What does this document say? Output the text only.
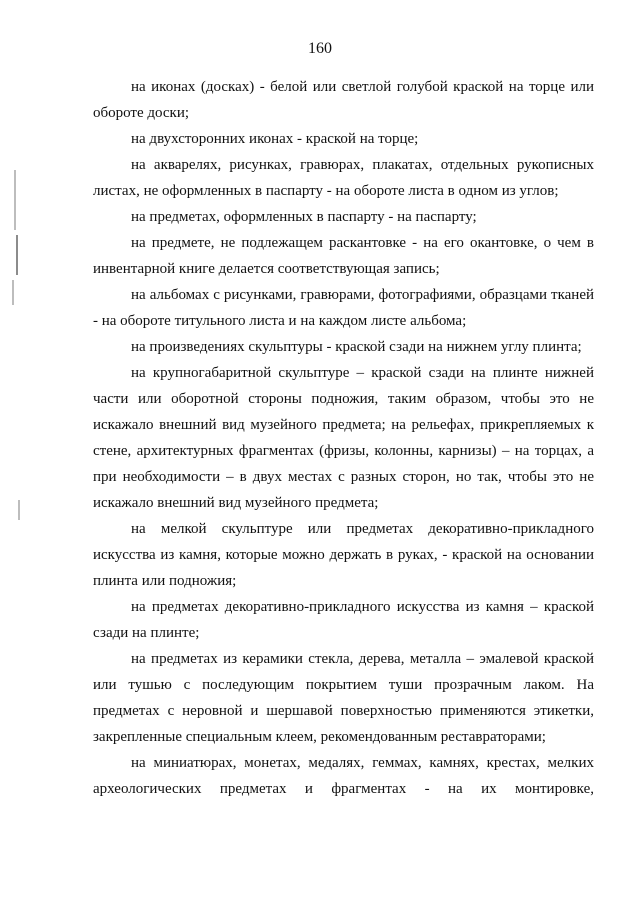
160

на иконах (досках) - белой или светлой голубой краской на торце или обороте доски;

на двухсторонних иконах - краской на торце;

на акварелях, рисунках, гравюрах, плакатах, отдельных рукописных листах, не оформленных в паспарту - на обороте листа в одном из углов;

на предметах, оформленных в паспарту - на паспарту;

на предмете, не подлежащем раскантовке - на его окантовке, о чем в инвентарной книге делается соответствующая запись;

на альбомах с рисунками, гравюрами, фотографиями, образцами тканей - на обороте титульного листа и на каждом листе альбома;

на произведениях скульптуры - краской сзади на нижнем углу плинта;

на крупногабаритной скульптуре – краской сзади на плинте нижней части или оборотной стороны подножия, таким образом, чтобы это не искажало внешний вид музейного предмета; на рельефах, прикрепляемых к стене, архитектурных фрагментах (фризы, колонны, карнизы) – на торцах, а при необходимости – в двух местах с разных сторон, но так, чтобы это не искажало внешний вид музейного предмета;

на мелкой скульптуре или предметах декоративно-прикладного искусства из камня, которые можно держать в руках, - краской на основании плинта или подножия;

на предметах декоративно-прикладного искусства из камня – краской сзади на плинте;

на предметах из керамики стекла, дерева, металла – эмалевой краской или тушью с последующим покрытием туши прозрачным лаком. На предметах с неровной и шершавой поверхностью применяются этикетки, закрепленные специальным клеем, рекомендованным реставраторами;

на миниатюрах, монетах, медалях, геммах, камнях, крестах, мелких археологических предметах и фрагментах - на их монтировке,
